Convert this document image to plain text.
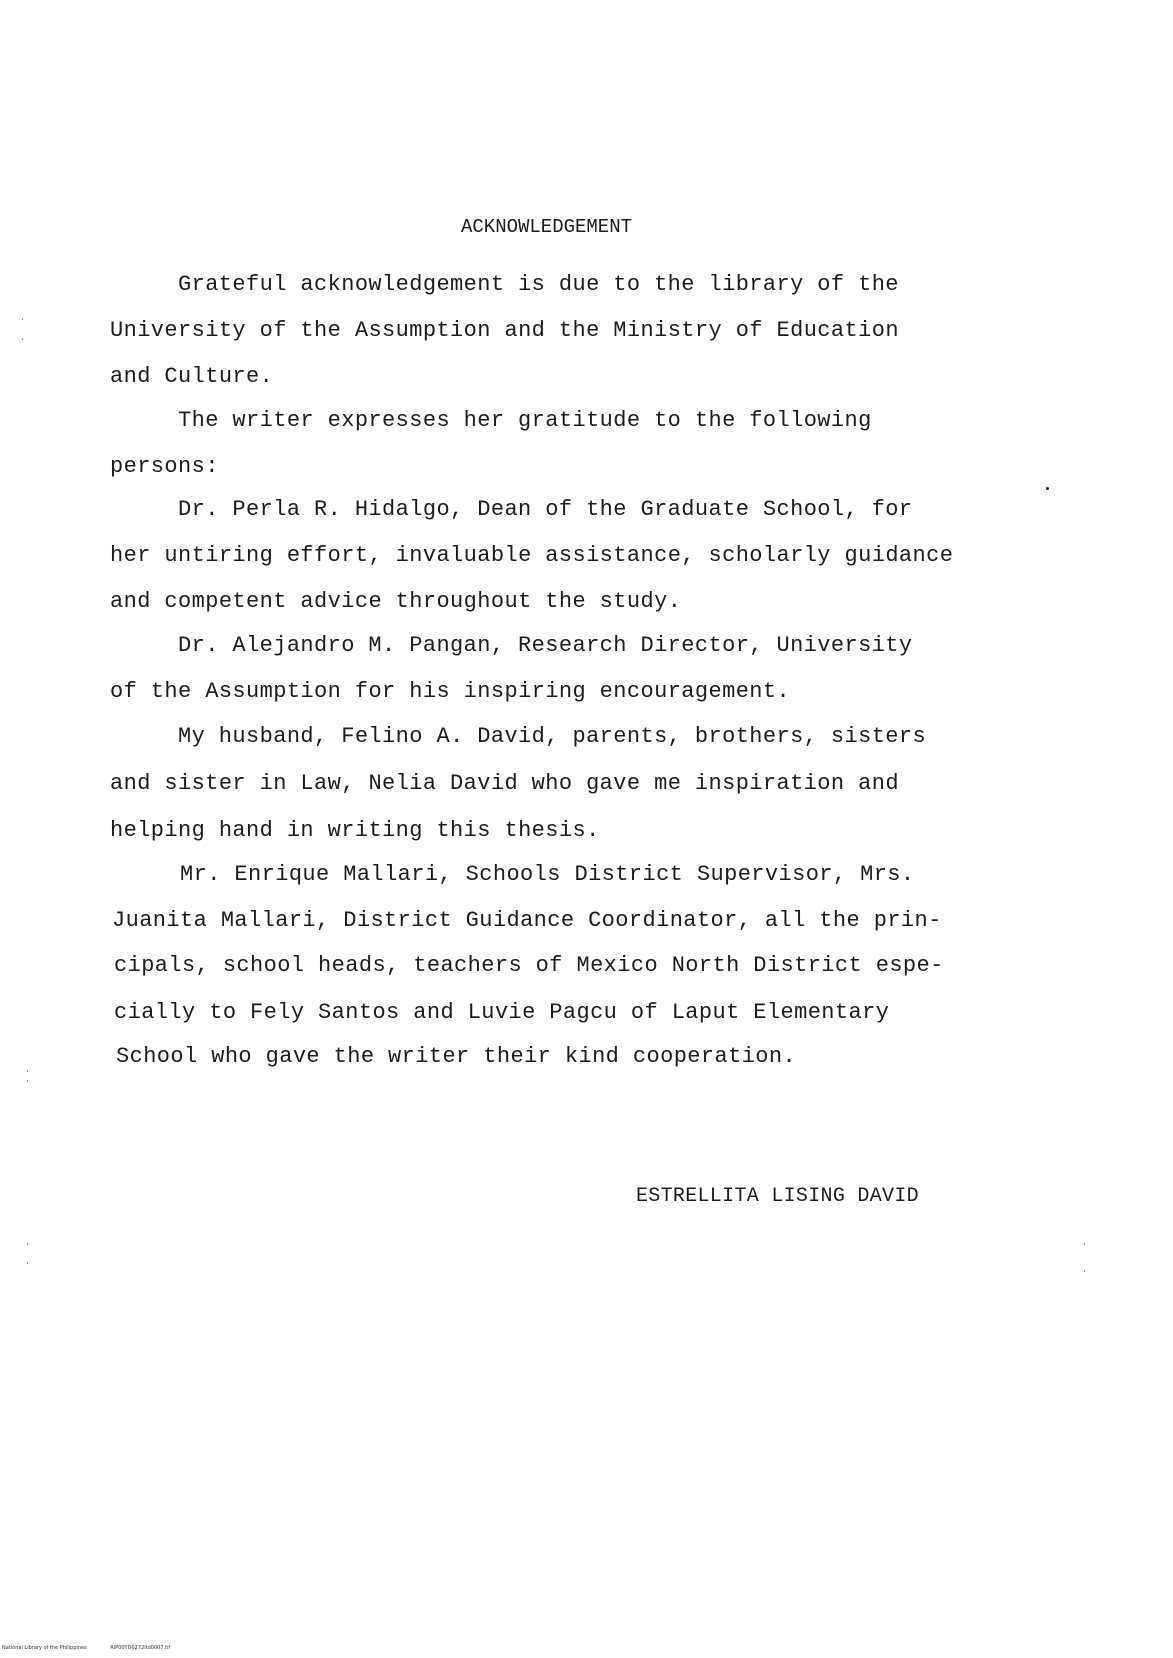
ACKNOWLEDGEMENT
Grateful acknowledgement is due to the library of the
University of the Assumption and the Ministry of Education
and Culture.
The writer expresses her gratitude to the following
persons:
Dr. Perla R. Hidalgo, Dean of the Graduate School, for
her untiring effort, invaluable assistance, scholarly guidance
and competent advice throughout the study.
Dr. Alejandro M. Pangan, Research Director, University
of the Assumption for his inspiring encouragement.
My husband, Felino A. David, parents, brothers, sisters
and sister in Law, Nelia David who gave me inspiration and
helping hand in writing this thesis.
Mr. Enrique Mallari, Schools District Supervisor, Mrs.
Juanita Mallari, District Guidance Coordinator, all the prin-
cipals, school heads, teachers of Mexico North District espe-
cially to Fely Santos and Luvie Pagcu of Laput Elementary
School who gave the writer their kind cooperation.
ESTRELLITA LISING DAVID
National Library of the Philippines	RIP00YD0272Itd0007.tif
